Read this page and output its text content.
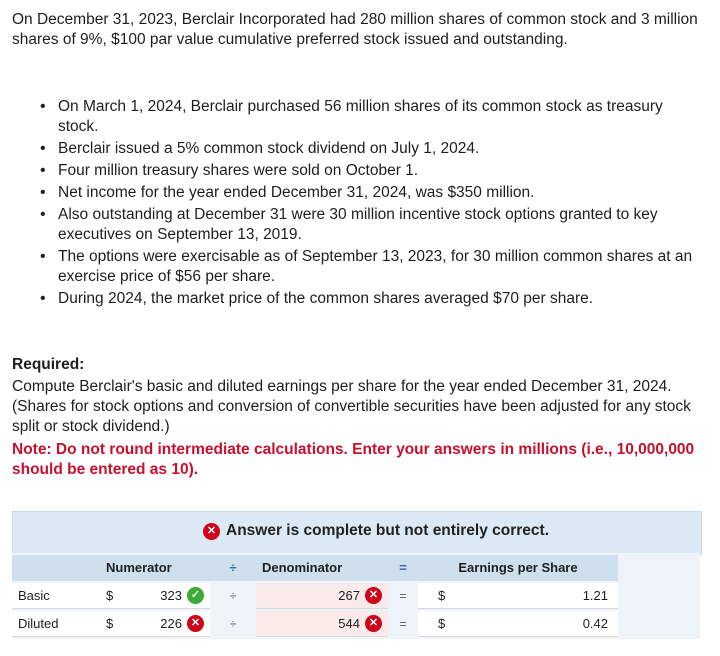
On December 31, 2023, Berclair Incorporated had 280 million shares of common stock and 3 million shares of 9%, $100 par value cumulative preferred stock issued and outstanding.
• On March 1, 2024, Berclair purchased 56 million shares of its common stock as treasury stock.
• Berclair issued a 5% common stock dividend on July 1, 2024.
• Four million treasury shares were sold on October 1.
• Net income for the year ended December 31, 2024, was $350 million.
• Also outstanding at December 31 were 30 million incentive stock options granted to key executives on September 13, 2019.
• The options were exercisable as of September 13, 2023, for 30 million common shares at an exercise price of $56 per share.
• During 2024, the market price of the common shares averaged $70 per share.
Required:
Compute Berclair's basic and diluted earnings per share for the year ended December 31, 2024. (Shares for stock options and conversion of convertible securities have been adjusted for any stock split or stock dividend.)
Note: Do not round intermediate calculations. Enter your answers in millions (i.e., 10,000,000 should be entered as 10).
✕ Answer is complete but not entirely correct.
Numerator	÷	Denominator	=	Earnings per Share
Basic	$	323 ✓	÷	267 ✕	=	$	1.21
Diluted	$	226 ✕	÷	544 ✕	=	$	0.42
